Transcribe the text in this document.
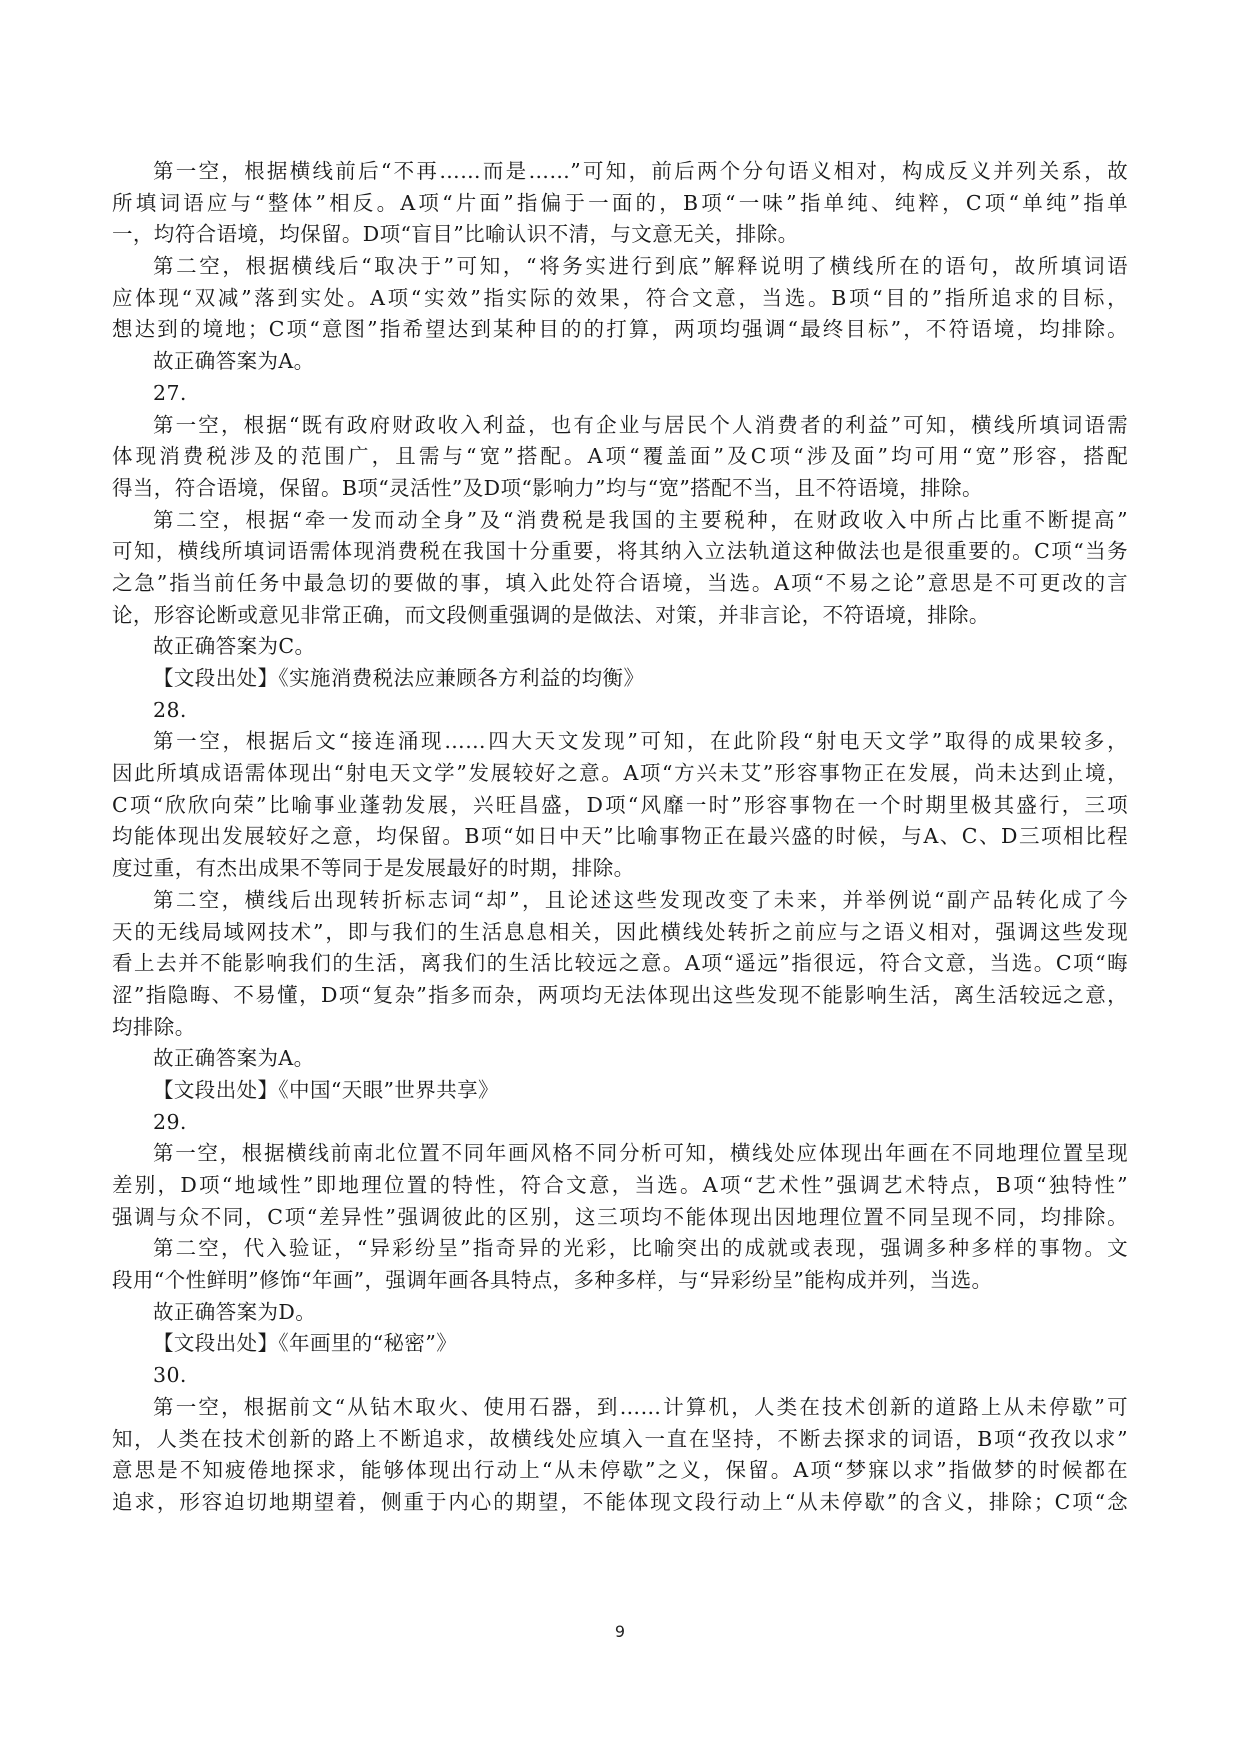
第一空，根据横线前后“不再……而是……”可知，前后两个分句语义相对，构成反义并列关系，故
所填词语应与“整体”相反。A项“片面”指偏于一面的，B项“一味”指单纯、纯粹，C项“单纯”指单
一，均符合语境，均保留。D项“盲目”比喻认识不清，与文意无关，排除。
第二空，根据横线后“取决于”可知，“将务实进行到底”解释说明了横线所在的语句，故所填词语
应体现“双减”落到实处。A项“实效”指实际的效果，符合文意，当选。B项“目的”指所追求的目标，
想达到的境地；C项“意图”指希望达到某种目的的打算，两项均强调“最终目标”，不符语境，均排除。
故正确答案为A。
27.
第一空，根据“既有政府财政收入利益，也有企业与居民个人消费者的利益”可知，横线所填词语需
体现消费税涉及的范围广，且需与“宽”搭配。A项“覆盖面”及C项“涉及面”均可用“宽”形容，搭配
得当，符合语境，保留。B项“灵活性”及D项“影响力”均与“宽”搭配不当，且不符语境，排除。
第二空，根据“牵一发而动全身”及“消费税是我国的主要税种，在财政收入中所占比重不断提高”
可知，横线所填词语需体现消费税在我国十分重要，将其纳入立法轨道这种做法也是很重要的。C项“当务
之急”指当前任务中最急切的要做的事，填入此处符合语境，当选。A项“不易之论”意思是不可更改的言
论，形容论断或意见非常正确，而文段侧重强调的是做法、对策，并非言论，不符语境，排除。
故正确答案为C。
【文段出处】《实施消费税法应兼顾各方利益的均衡》
28.
第一空，根据后文“接连涌现……四大天文发现”可知，在此阶段“射电天文学”取得的成果较多，
因此所填成语需体现出“射电天文学”发展较好之意。A项“方兴未艾”形容事物正在发展，尚未达到止境，
C项“欣欣向荣”比喻事业蓬勃发展，兴旺昌盛，D项“风靡一时”形容事物在一个时期里极其盛行，三项
均能体现出发展较好之意，均保留。B项“如日中天”比喻事物正在最兴盛的时候，与A、C、D三项相比程
度过重，有杰出成果不等同于是发展最好的时期，排除。
第二空，横线后出现转折标志词“却”，且论述这些发现改变了未来，并举例说“副产品转化成了今
天的无线局域网技术”，即与我们的生活息息相关，因此横线处转折之前应与之语义相对，强调这些发现
看上去并不能影响我们的生活，离我们的生活比较远之意。A项“遥远”指很远，符合文意，当选。C项“晦
涩”指隐晦、不易懂，D项“复杂”指多而杂，两项均无法体现出这些发现不能影响生活，离生活较远之意，
均排除。
故正确答案为A。
【文段出处】《中国“天眼”世界共享》
29.
第一空，根据横线前南北位置不同年画风格不同分析可知，横线处应体现出年画在不同地理位置呈现
差别，D项“地域性”即地理位置的特性，符合文意，当选。A项“艺术性”强调艺术特点，B项“独特性”
强调与众不同，C项“差异性”强调彼此的区别，这三项均不能体现出因地理位置不同呈现不同，均排除。
第二空，代入验证，“异彩纷呈”指奇异的光彩，比喻突出的成就或表现，强调多种多样的事物。文
段用“个性鲜明”修饰“年画”，强调年画各具特点，多种多样，与“异彩纷呈”能构成并列，当选。
故正确答案为D。
【文段出处】《年画里的“秘密”》
30.
第一空，根据前文“从钻木取火、使用石器，到……计算机，人类在技术创新的道路上从未停歇”可
知，人类在技术创新的路上不断追求，故横线处应填入一直在坚持，不断去探求的词语，B项“孜孜以求”
意思是不知疲倦地探求，能够体现出行动上“从未停歇”之义，保留。A项“梦寐以求”指做梦的时候都在
追求，形容迫切地期望着，侧重于内心的期望，不能体现文段行动上“从未停歇”的含义，排除；C项“念
9
